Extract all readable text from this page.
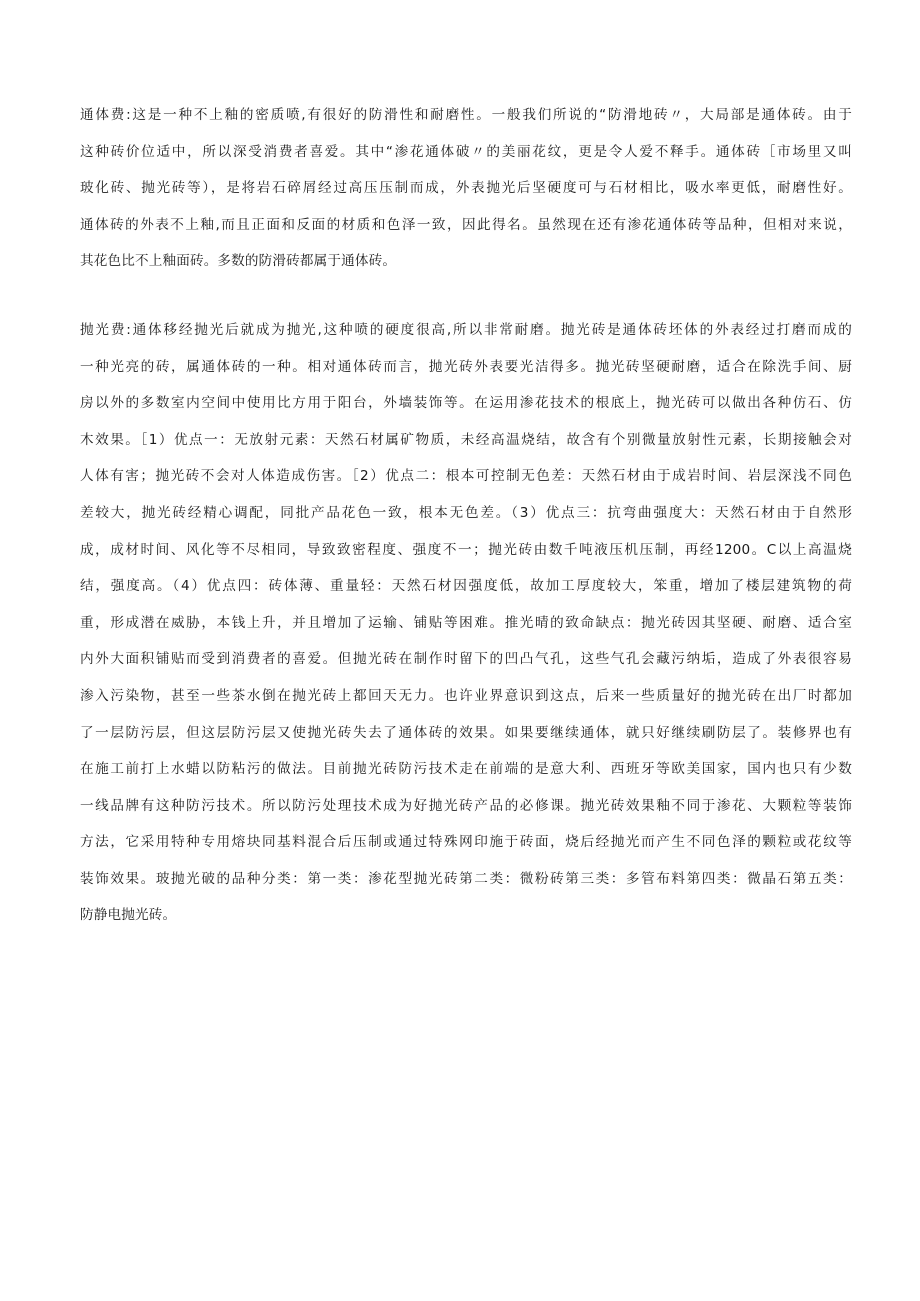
通体费:这是一种不上釉的密质喷,有很好的防滑性和耐磨性。一般我们所说的“防滑地砖〃，大局部是通体砖。由于
这种砖价位适中，所以深受消费者喜爱。其中“渗花通体破〃的美丽花纹，更是令人爱不释手。通体砖［市场里又叫
玻化砖、抛光砖等），是将岩石碎屑经过高压压制而成，外表抛光后坚硬度可与石材相比，吸水率更低，耐磨性好。
通体砖的外表不上釉,而且正面和反面的材质和色泽一致，因此得名。虽然现在还有渗花通体砖等品种，但相对来说，
其花色比不上釉面砖。多数的防滑砖都属于通体砖。
抛光费:通体移经抛光后就成为抛光,这种喷的硬度很高,所以非常耐磨。抛光砖是通体砖坯体的外表经过打磨而成的
一种光亮的砖，属通体砖的一种。相对通体砖而言，抛光砖外表要光洁得多。抛光砖坚硬耐磨，适合在除洗手间、厨
房以外的多数室内空间中使用比方用于阳台，外墙装饰等。在运用渗花技术的根底上，抛光砖可以做出各种仿石、仿
木效果。［1）优点一：无放射元素：天然石材属矿物质，未经高温烧结，故含有个别微量放射性元素，长期接触会对
人体有害；抛光砖不会对人体造成伤害。［2）优点二：根本可控制无色差：天然石材由于成岩时间、岩层深浅不同色
差较大，抛光砖经精心调配，同批产品花色一致，根本无色差。（3）优点三：抗弯曲强度大：天然石材由于自然形
成，成材时间、风化等不尽相同，导致致密程度、强度不一；抛光砖由数千吨液压机压制，再经1200。C以上高温烧
结，强度高。（4）优点四：砖体薄、重量轻：天然石材因强度低，故加工厚度较大，笨重，增加了楼层建筑物的荷
重，形成潜在威胁，本钱上升，并且增加了运输、铺贴等困难。推光晴的致命缺点：抛光砖因其坚硬、耐磨、适合室
内外大面积铺贴而受到消费者的喜爱。但抛光砖在制作时留下的凹凸气孔，这些气孔会藏污纳垢，造成了外表很容易
渗入污染物，甚至一些茶水倒在抛光砖上都回天无力。也许业界意识到这点，后来一些质量好的抛光砖在出厂时都加
了一层防污层，但这层防污层又使抛光砖失去了通体砖的效果。如果要继续通体，就只好继续刷防层了。装修界也有
在施工前打上水蜡以防粘污的做法。目前抛光砖防污技术走在前端的是意大利、西班牙等欧美国家，国内也只有少数
一线品牌有这种防污技术。所以防污处理技术成为好抛光砖产品的必修课。抛光砖效果釉不同于渗花、大颗粒等装饰
方法，它采用特种专用熔块同基料混合后压制或通过特殊网印施于砖面，烧后经抛光而产生不同色泽的颗粒或花纹等
装饰效果。玻抛光破的品种分类：第一类：渗花型抛光砖第二类：微粉砖第三类：多管布料第四类：微晶石第五类：
防静电抛光砖。
